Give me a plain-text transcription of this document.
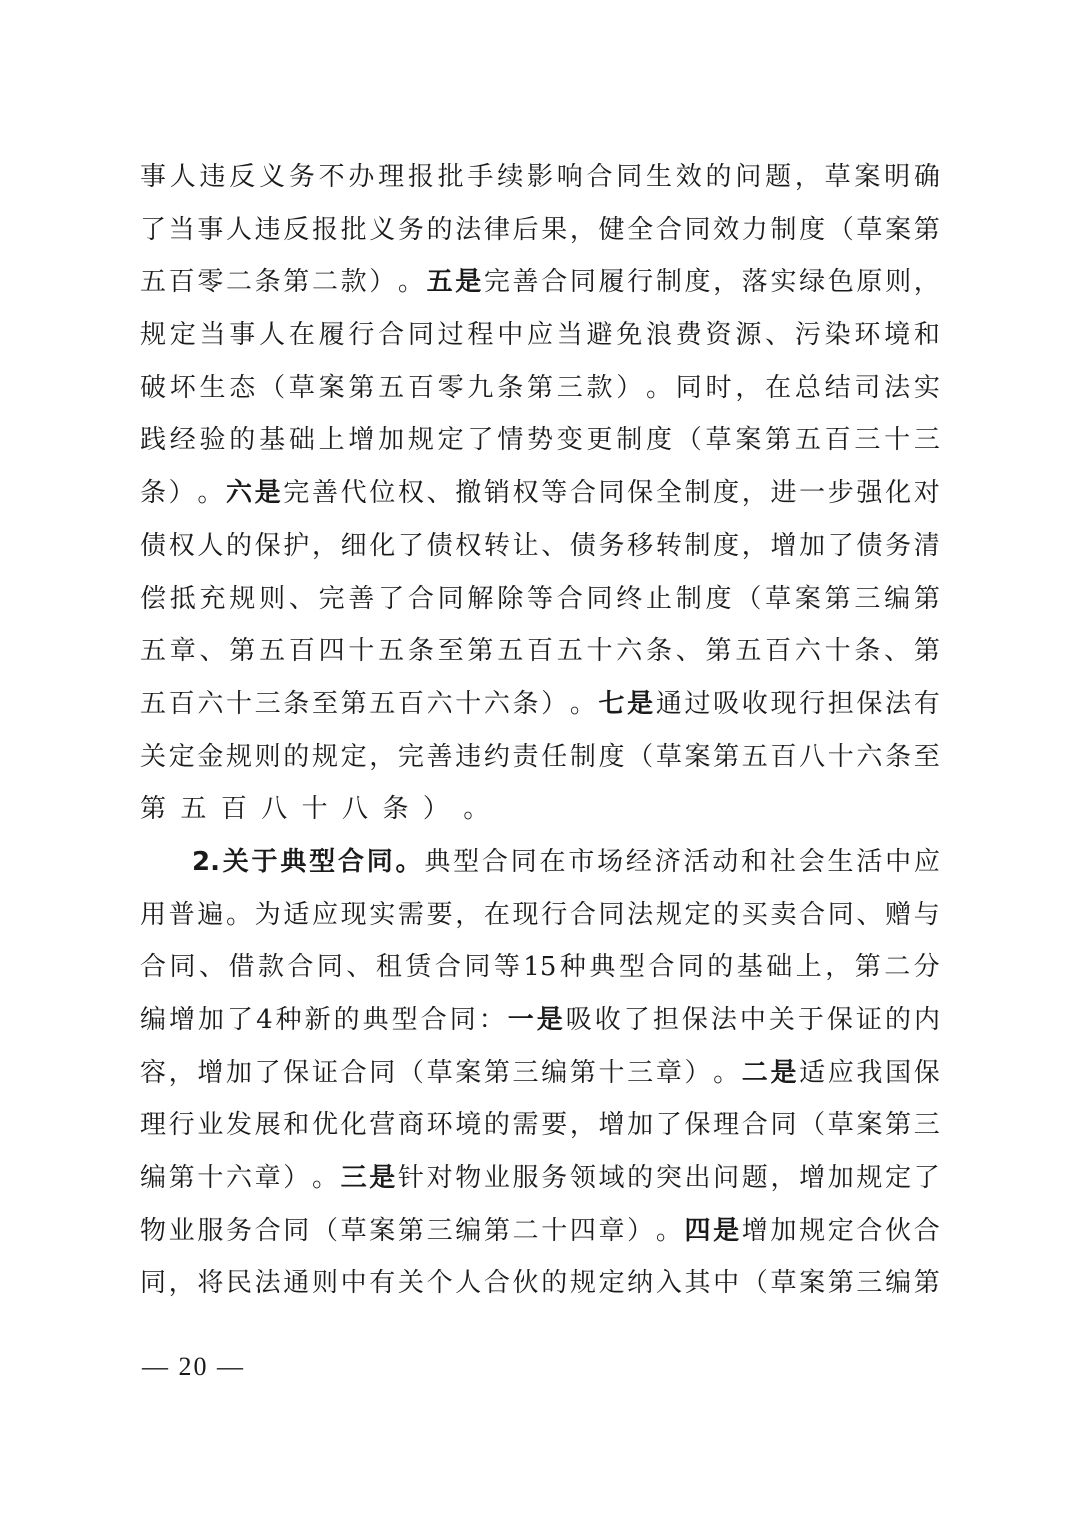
事 人 违 反 义 务 不 办 理 报 批 手 续 影 响 合 同 生 效 的 问 题 ， 草 案 明 确
了 当 事 人 违 反 报 批 义 务 的 法 律 后 果 ， 健 全 合 同 效 力 制 度 （ 草 案 第
五 百 零 二 条 第 二 款 ） 。 五 是 完 善 合 同 履 行 制 度 ， 落 实 绿 色 原 则 ，
规 定 当 事 人 在 履 行 合 同 过 程 中 应 当 避 免 浪 费 资 源 、 污 染 环 境 和
破 坏 生 态 （ 草 案 第 五 百 零 九 条 第 三 款 ） 。 同 时 ， 在 总 结 司 法 实
践 经 验 的 基 础 上 增 加 规 定 了 情 势 变 更 制 度 （ 草 案 第 五 百 三 十 三
条 ） 。 六 是 完 善 代 位 权 、 撤 销 权 等 合 同 保 全 制 度 ， 进 一 步 强 化 对
债 权 人 的 保 护 ， 细 化 了 债 权 转 让 、 债 务 移 转 制 度 ， 增 加 了 债 务 清
偿 抵 充 规 则 、 完 善 了 合 同 解 除 等 合 同 终 止 制 度 （ 草 案 第 三 编 第
五 章 、 第 五 百 四 十 五 条 至 第 五 百 五 十 六 条 、 第 五 百 六 十 条 、 第
五 百 六 十 三 条 至 第 五 百 六 十 六 条 ） 。 七 是 通 过 吸 收 现 行 担 保 法 有
关 定 金 规 则 的 规 定 ， 完 善 违 约 责 任 制 度 （ 草 案 第 五 百 八 十 六 条 至
第 五 百 八 十 八 条 ） 。
2. 关 于 典 型 合 同 。 典 型 合 同 在 市 场 经 济 活 动 和 社 会 生 活 中 应
用 普 遍 。 为 适 应 现 实 需 要 ， 在 现 行 合 同 法 规 定 的 买 卖 合 同 、 赠 与
合 同 、 借 款 合 同 、 租 赁 合 同 等 15 种 典 型 合 同 的 基 础 上 ， 第 二 分
编 增 加 了 4 种 新 的 典 型 合 同 ： 一 是 吸 收 了 担 保 法 中 关 于 保 证 的 内
容 ， 增 加 了 保 证 合 同 （ 草 案 第 三 编 第 十 三 章 ） 。 二 是 适 应 我 国 保
理 行 业 发 展 和 优 化 营 商 环 境 的 需 要 ， 增 加 了 保 理 合 同 （ 草 案 第 三
编 第 十 六 章 ） 。 三 是 针 对 物 业 服 务 领 域 的 突 出 问 题 ， 增 加 规 定 了
物 业 服 务 合 同 （ 草 案 第 三 编 第 二 十 四 章 ） 。 四 是 增 加 规 定 合 伙 合
同 ， 将 民 法 通 则 中 有 关 个 人 合 伙 的 规 定 纳 入 其 中 （ 草 案 第 三 编 第
— 20 —
